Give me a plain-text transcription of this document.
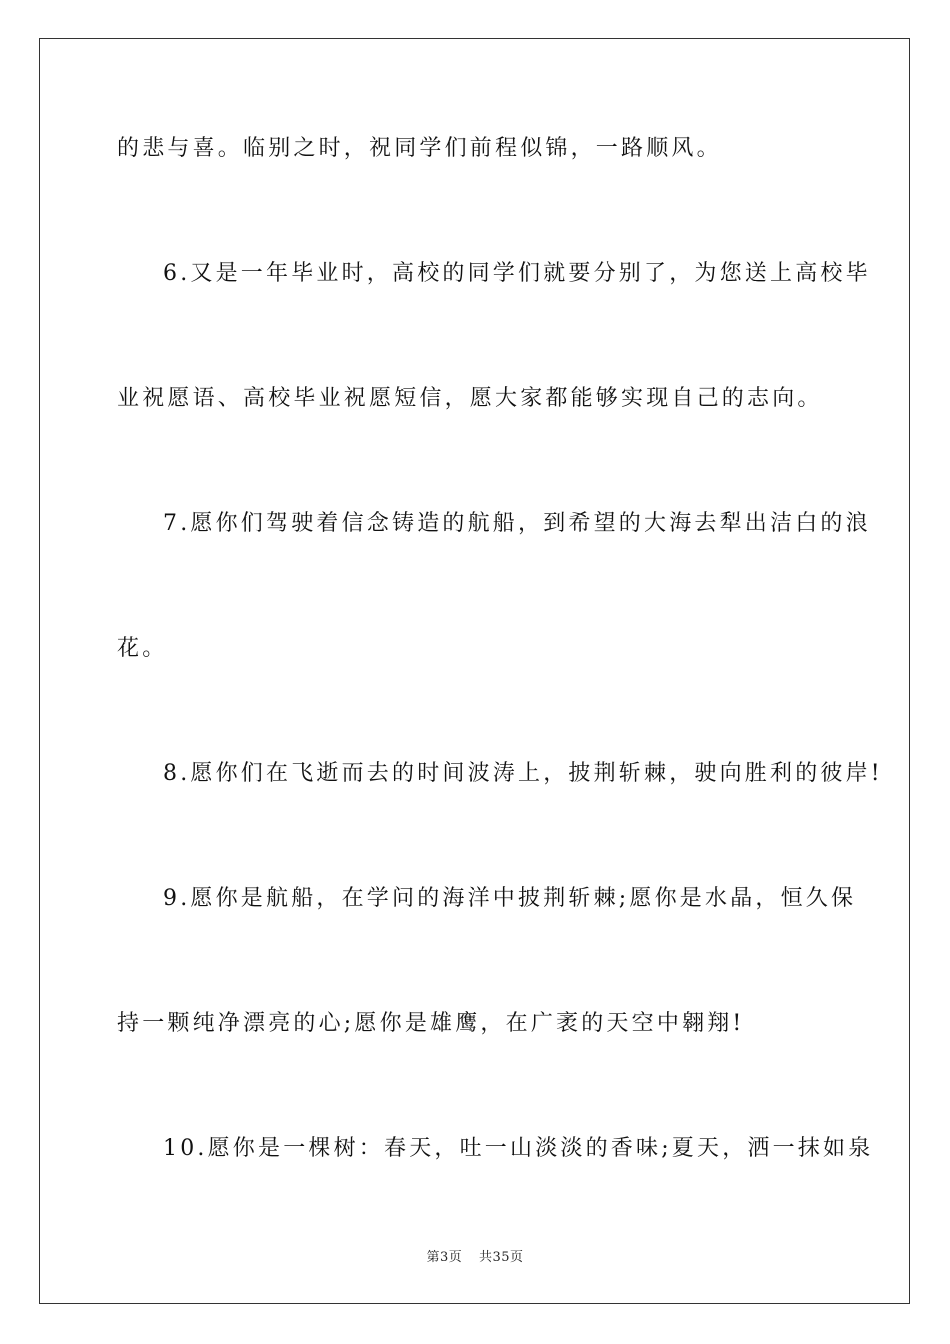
的悲与喜。临别之时，祝同学们前程似锦，一路顺风。
6.又是一年毕业时，高校的同学们就要分别了，为您送上高校毕
业祝愿语、高校毕业祝愿短信，愿大家都能够实现自己的志向。
7.愿你们驾驶着信念铸造的航船，到希望的大海去犁出洁白的浪
花。
8.愿你们在飞逝而去的时间波涛上，披荆斩棘，驶向胜利的彼岸!
9.愿你是航船，在学问的海洋中披荆斩棘;愿你是水晶，恒久保
持一颗纯净漂亮的心;愿你是雄鹰，在广袤的天空中翱翔!
10.愿你是一棵树：春天，吐一山淡淡的香味;夏天，洒一抹如泉
第3页 共35页
